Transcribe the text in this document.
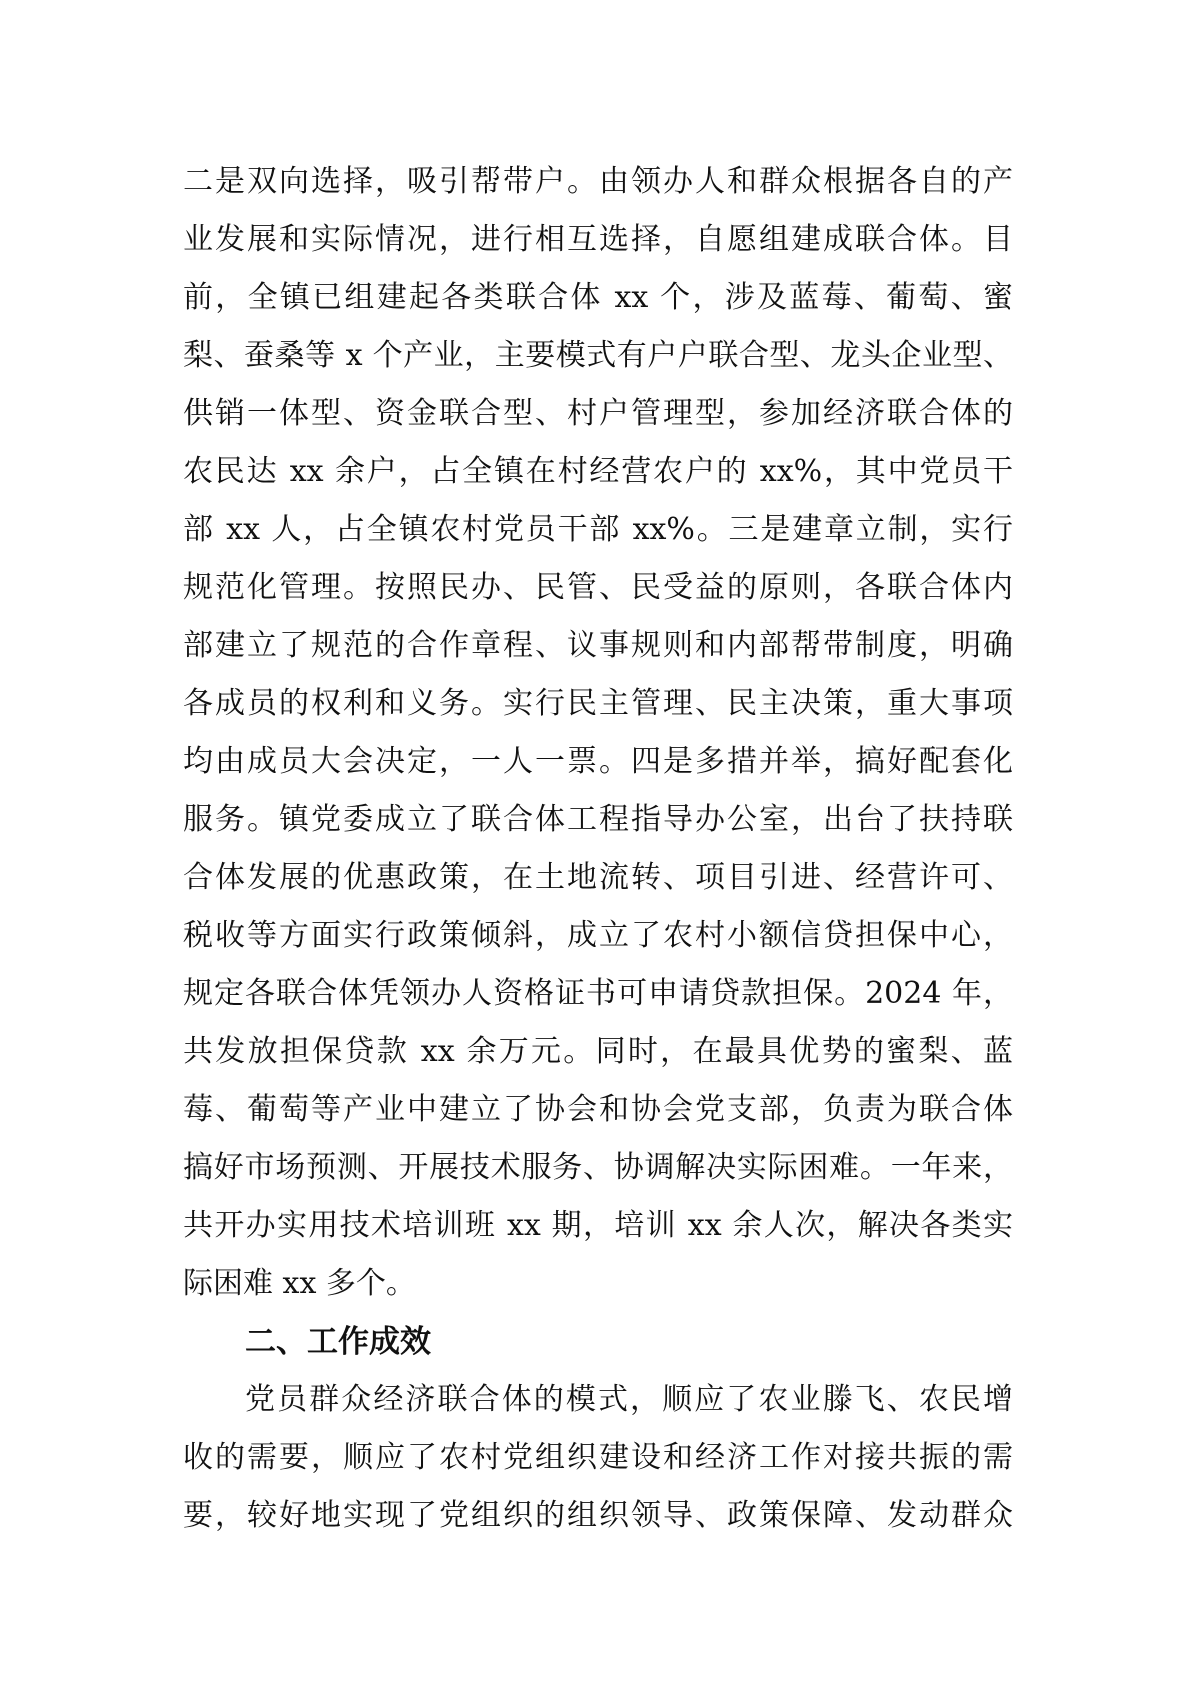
二是双向选择，吸引帮带户。由领办人和群众根据各自的产
业发展和实际情况，进行相互选择，自愿组建成联合体。目
前，全镇已组建起各类联合体 xx 个，涉及蓝莓、葡萄、蜜
梨、蚕桑等 x 个产业，主要模式有户户联合型、龙头企业型、
供销一体型、资金联合型、村户管理型，参加经济联合体的
农民达 xx 余户，占全镇在村经营农户的 xx%，其中党员干
部 xx 人，占全镇农村党员干部 xx%。三是建章立制，实行
规范化管理。按照民办、民管、民受益的原则，各联合体内
部建立了规范的合作章程、议事规则和内部帮带制度，明确
各成员的权利和义务。实行民主管理、民主决策，重大事项
均由成员大会决定，一人一票。四是多措并举，搞好配套化
服务。镇党委成立了联合体工程指导办公室，出台了扶持联
合体发展的优惠政策，在土地流转、项目引进、经营许可、
税收等方面实行政策倾斜，成立了农村小额信贷担保中心，
规定各联合体凭领办人资格证书可申请贷款担保。2024 年，
共发放担保贷款 xx 余万元。同时，在最具优势的蜜梨、蓝
莓、葡萄等产业中建立了协会和协会党支部，负责为联合体
搞好市场预测、开展技术服务、协调解决实际困难。一年来，
共开办实用技术培训班 xx 期，培训 xx 余人次，解决各类实
际困难 xx 多个。
二、工作成效
党员群众经济联合体的模式，顺应了农业滕飞、农民增
收的需要，顺应了农村党组织建设和经济工作对接共振的需
要，较好地实现了党组织的组织领导、政策保障、发动群众
